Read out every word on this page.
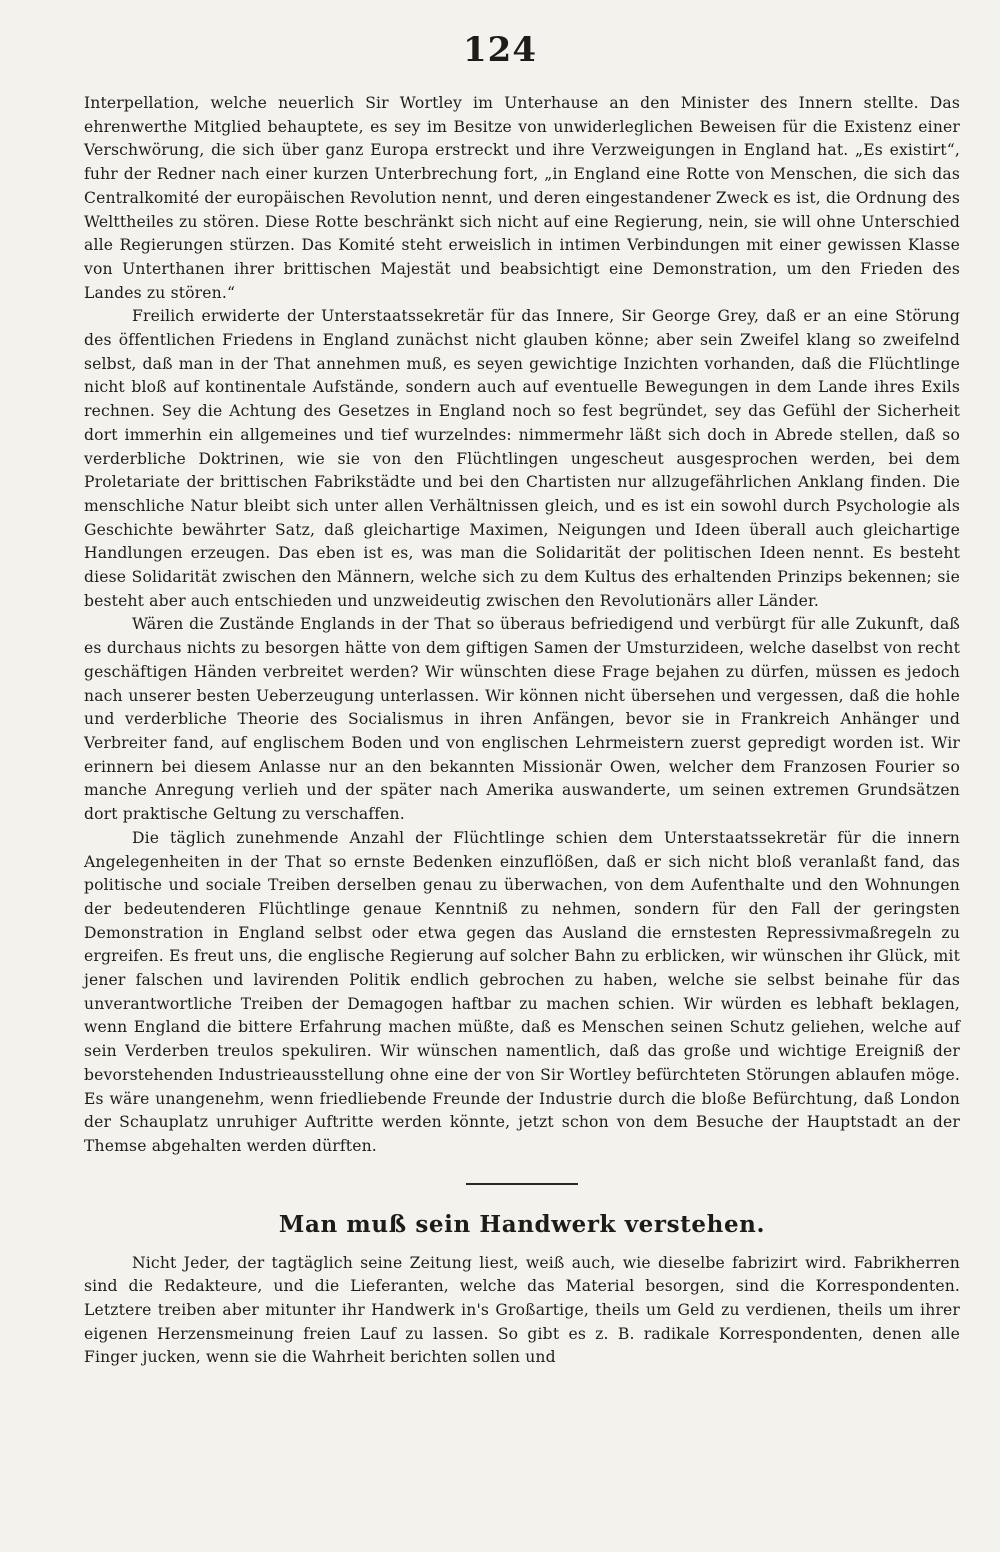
124

Interpellation, welche neuerlich Sir Wortley im Unterhause an den Minister des Innern stellte. Das ehrenwerthe Mitglied behauptete, es sey im Besitze von unwiderleglichen Beweisen für die Existenz einer Verschwörung, die sich über ganz Europa erstreckt und ihre Verzweigungen in England hat. „Es existirt“, fuhr der Redner nach einer kurzen Unterbrechung fort, „in England eine Rotte von Menschen, die sich das Centralkomité der europäischen Revolution nennt, und deren eingestandener Zweck es ist, die Ordnung des Welttheiles zu stören. Diese Rotte beschränkt sich nicht auf eine Regierung, nein, sie will ohne Unterschied alle Regierungen stürzen. Das Komité steht erweislich in intimen Verbindungen mit einer gewissen Klasse von Unterthanen ihrer brittischen Majestät und beabsichtigt eine Demonstration, um den Frieden des Landes zu stören.“

Freilich erwiderte der Unterstaatssekretär für das Innere, Sir George Grey, daß er an eine Störung des öffentlichen Friedens in England zunächst nicht glauben könne; aber sein Zweifel klang so zweifelnd selbst, daß man in der That annehmen muß, es seyen gewichtige Inzichten vorhanden, daß die Flüchtlinge nicht bloß auf kontinentale Aufstände, sondern auch auf eventuelle Bewegungen in dem Lande ihres Exils rechnen. Sey die Achtung des Gesetzes in England noch so fest begründet, sey das Gefühl der Sicherheit dort immerhin ein allgemeines und tief wurzelndes: nimmermehr läßt sich doch in Abrede stellen, daß so verderbliche Doktrinen, wie sie von den Flüchtlingen ungescheut ausgesprochen werden, bei dem Proletariate der brittischen Fabrikstädte und bei den Chartisten nur allzugefährlichen Anklang finden. Die menschliche Natur bleibt sich unter allen Verhältnissen gleich, und es ist ein sowohl durch Psychologie als Geschichte bewährter Satz, daß gleichartige Maximen, Neigungen und Ideen überall auch gleichartige Handlungen erzeugen. Das eben ist es, was man die Solidarität der politischen Ideen nennt. Es besteht diese Solidarität zwischen den Männern, welche sich zu dem Kultus des erhaltenden Prinzips bekennen; sie besteht aber auch entschieden und unzweideutig zwischen den Revolutionärs aller Länder.

Wären die Zustände Englands in der That so überaus befriedigend und verbürgt für alle Zukunft, daß es durchaus nichts zu besorgen hätte von dem giftigen Samen der Umsturzideen, welche daselbst von recht geschäftigen Händen verbreitet werden? Wir wünschten diese Frage bejahen zu dürfen, müssen es jedoch nach unserer besten Ueberzeugung unterlassen. Wir können nicht übersehen und vergessen, daß die hohle und verderbliche Theorie des Socialismus in ihren Anfängen, bevor sie in Frankreich Anhänger und Verbreiter fand, auf englischem Boden und von englischen Lehrmeistern zuerst gepredigt worden ist. Wir erinnern bei diesem Anlasse nur an den bekannten Missionär Owen, welcher dem Franzosen Fourier so manche Anregung verlieh und der später nach Amerika auswanderte, um seinen extremen Grundsätzen dort praktische Geltung zu verschaffen.

Die täglich zunehmende Anzahl der Flüchtlinge schien dem Unterstaatssekretär für die innern Angelegenheiten in der That so ernste Bedenken einzuflößen, daß er sich nicht bloß veranlaßt fand, das politische und sociale Treiben derselben genau zu überwachen, von dem Aufenthalte und den Wohnungen der bedeutenderen Flüchtlinge genaue Kenntniß zu nehmen, sondern für den Fall der geringsten Demonstration in England selbst oder etwa gegen das Ausland die ernstesten Repressivmaßregeln zu ergreifen. Es freut uns, die englische Regierung auf solcher Bahn zu erblicken, wir wünschen ihr Glück, mit jener falschen und lavirenden Politik endlich gebrochen zu haben, welche sie selbst beinahe für das unverantwortliche Treiben der Demagogen haftbar zu machen schien. Wir würden es lebhaft beklagen, wenn England die bittere Erfahrung machen müßte, daß es Menschen seinen Schutz geliehen, welche auf sein Verderben treulos spekuliren. Wir wünschen namentlich, daß das große und wichtige Ereigniß der bevorstehenden Industrieausstellung ohne eine der von Sir Wortley befürchteten Störungen ablaufen möge. Es wäre unangenehm, wenn friedliebende Freunde der Industrie durch die bloße Befürchtung, daß London der Schauplatz unruhiger Auftritte werden könnte, jetzt schon von dem Besuche der Hauptstadt an der Themse abgehalten werden dürften.

Man muß sein Handwerk verstehen.

Nicht Jeder, der tagtäglich seine Zeitung liest, weiß auch, wie dieselbe fabrizirt wird. Fabrikherren sind die Redakteure, und die Lieferanten, welche das Material besorgen, sind die Korrespondenten. Letztere treiben aber mitunter ihr Handwerk in's Großartige, theils um Geld zu verdienen, theils um ihrer eigenen Herzensmeinung freien Lauf zu lassen. So gibt es z. B. radikale Korrespondenten, denen alle Finger jucken, wenn sie die Wahrheit berichten sollen und
